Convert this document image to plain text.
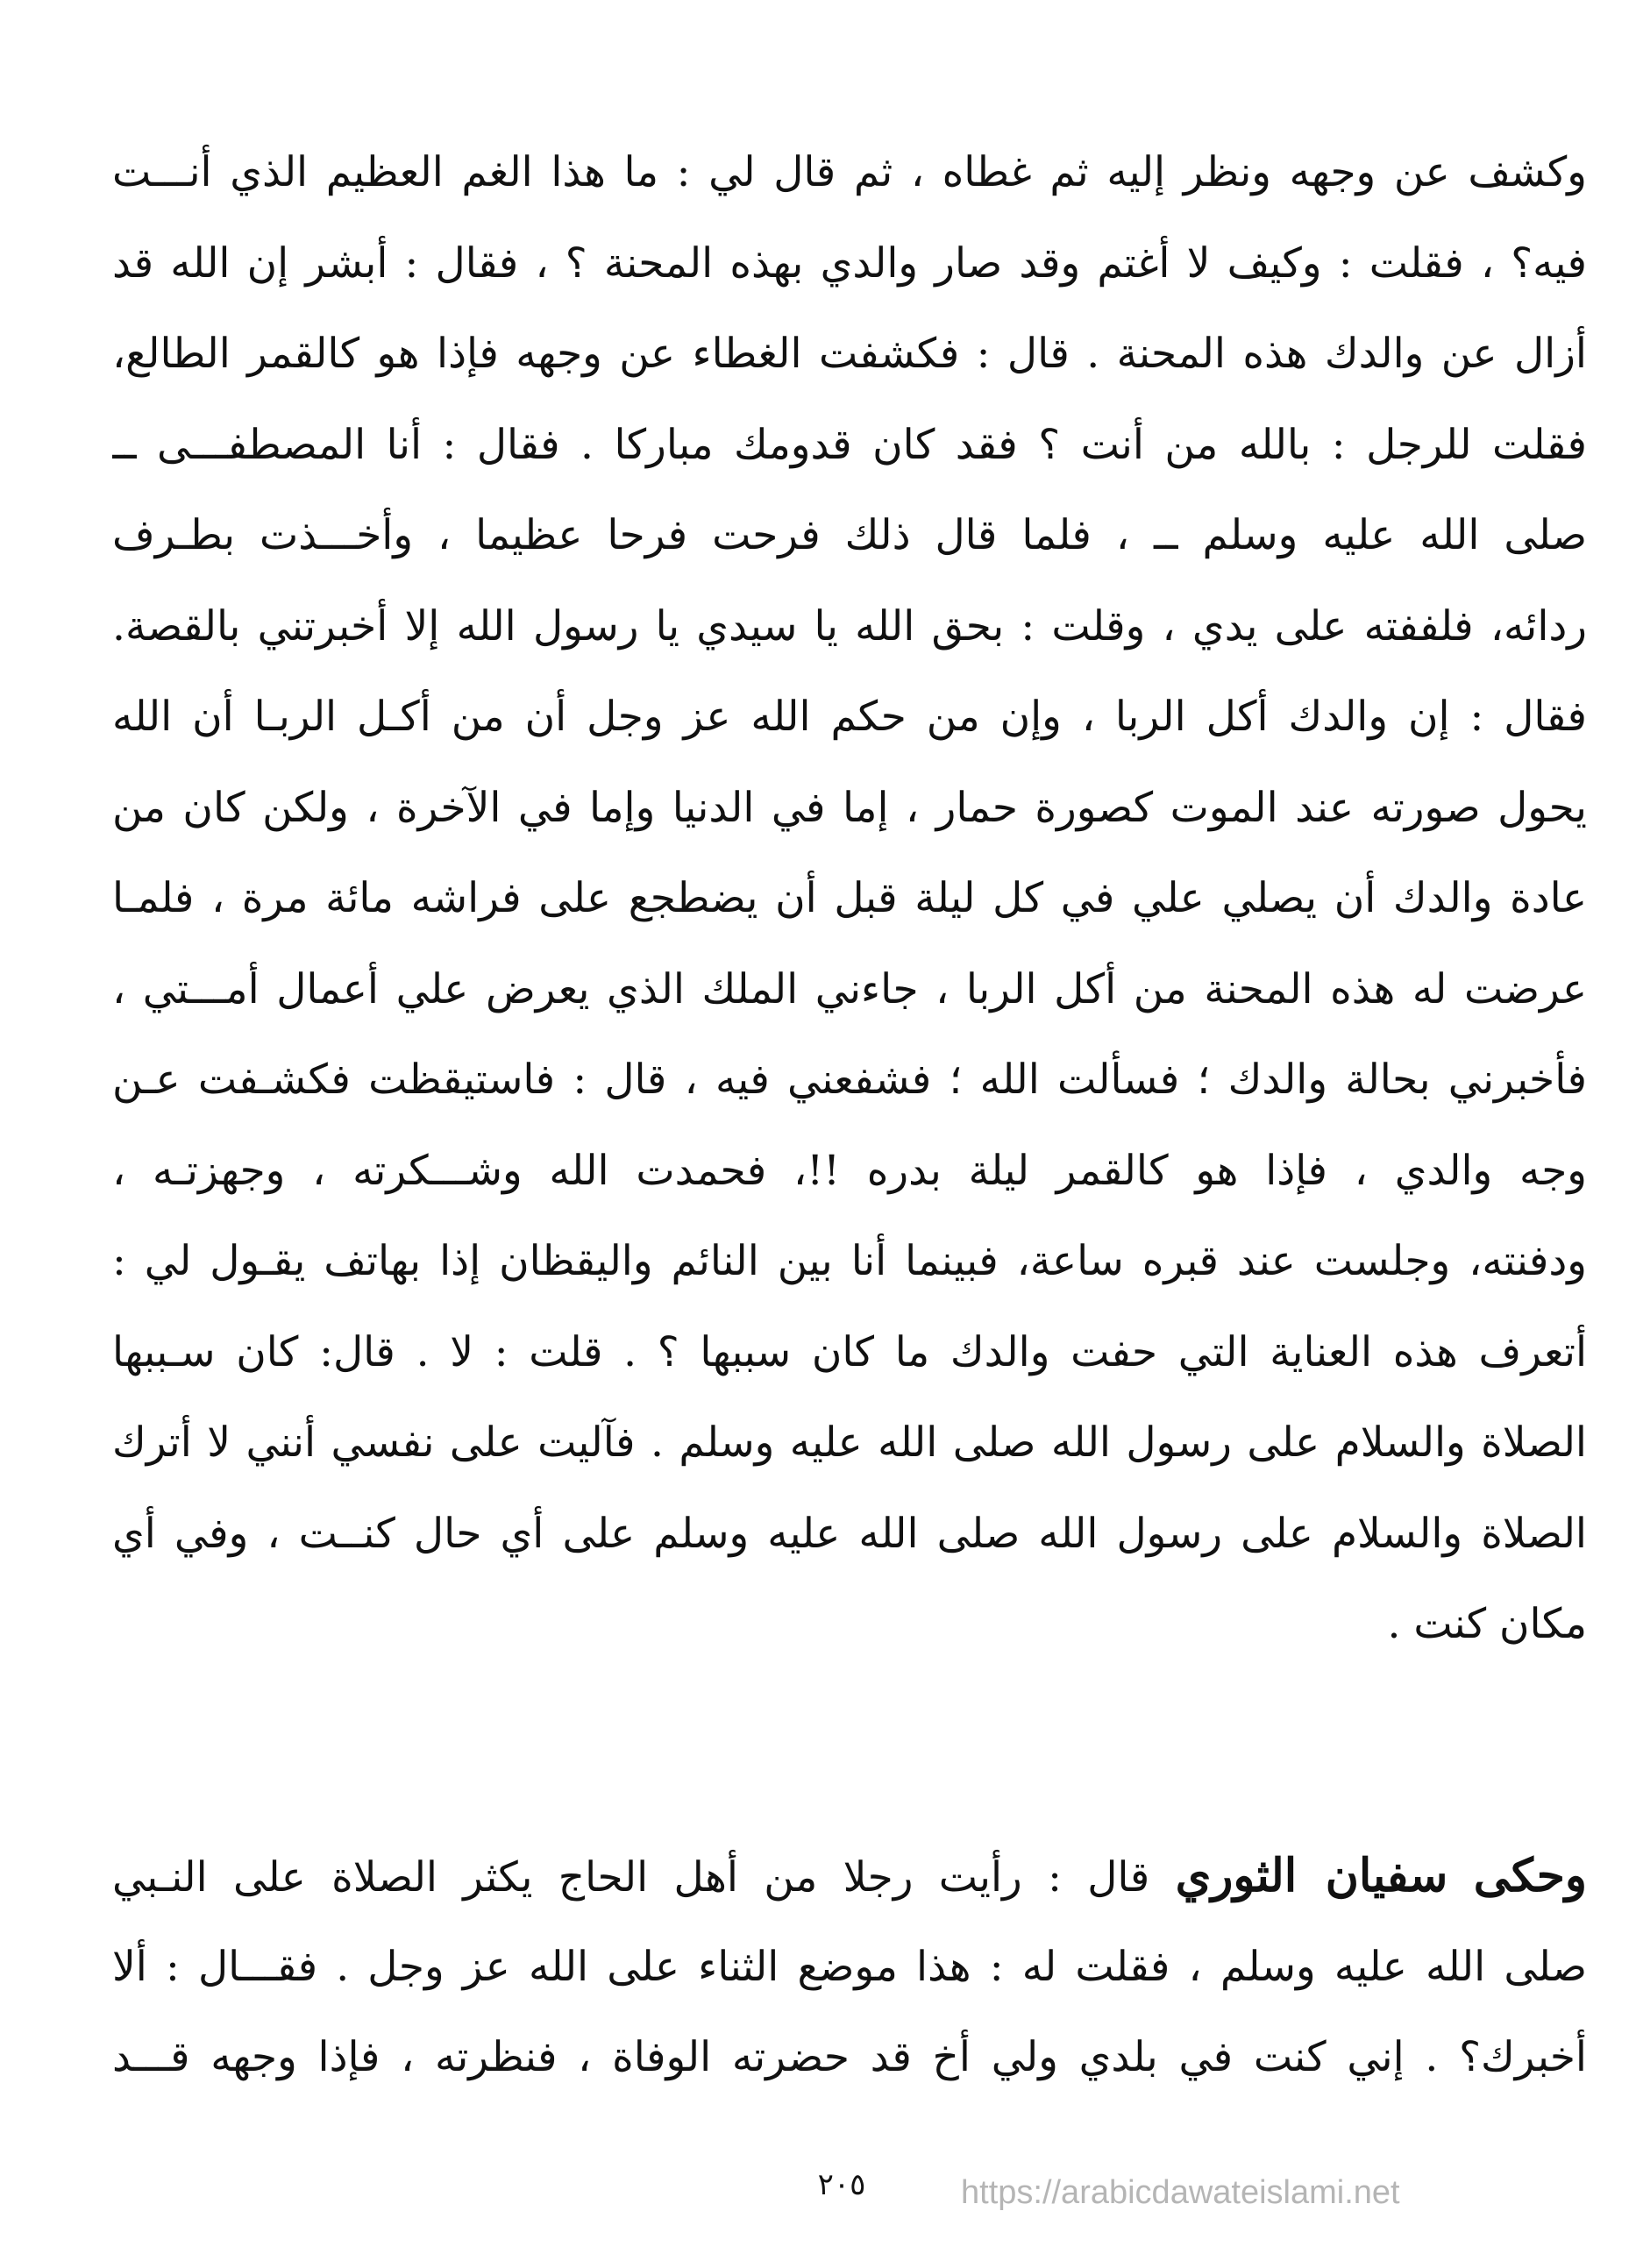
وكشف عن وجهه ونظر إليه ثم غطاه ، ثم قال لي : ما هذا الغم العظيم الذي أنـــت
فيه؟ ، فقلت : وكيف لا أغتم وقد صار والدي بهذه المحنة ؟ ، فقال : أبشر إن الله قد
أزال عن والدك هذه المحنة . قال : فكشفت الغطاء عن وجهه فإذا هو كالقمر الطالع،
فقلت للرجل : بالله من أنت ؟ فقد كان قدومك مباركا . فقال : أنا المصطفـــى ــ
صلى الله عليه وسلم ــ ، فلما قال ذلك فرحت فرحا عظيما ، وأخـــذت بطـرف
ردائه، فلففته على يدي ، وقلت : بحق الله يا سيدي يا رسول الله إلا أخبرتني بالقصة.
فقال : إن والدك أكل الربا ، وإن من حكم الله عز وجل أن من أكـل الربـا أن الله
يحول صورته عند الموت كصورة حمار ، إما في الدنيا وإما في الآخرة ، ولكن كان من
عادة والدك أن يصلي علي في كل ليلة قبل أن يضطجع على فراشه مائة مرة ، فلمـا
عرضت له هذه المحنة من أكل الربا ، جاءني الملك الذي يعرض علي أعمال أمـــتي ،
فأخبرني بحالة والدك ؛ فسألت الله ؛ فشفعني فيه ، قال : فاستيقظت فكشـفت عـن
وجه والدي ، فإذا هو كالقمر ليلة بدره !!، فحمدت الله وشـــكرته ، وجهزتـه ،
ودفنته، وجلست عند قبره ساعة، فبينما أنا بين النائم واليقظان إذا بهاتف يقـول لي :
أتعرف هذه العناية التي حفت والدك ما كان سببها ؟ . قلت : لا . قال: كان سـببها
الصلاة والسلام على رسول الله صلى الله عليه وسلم . فآليت على نفسي أنني لا أترك
الصلاة والسلام على رسول الله صلى الله عليه وسلم على أي حال كنــت ، وفي أي
مكان كنت .
وحكى سفيان الثوري قال : رأيت رجلا من أهل الحاج يكثر الصلاة على النـبي
صلى الله عليه وسلم ، فقلت له : هذا موضع الثناء على الله عز وجل . فقـــال : ألا
أخبرك؟ . إني كنت في بلدي ولي أخ قد حضرته الوفاة ، فنظرته ، فإذا وجهه قـــد
٢٠٥	https://arabicdawateislami.net
